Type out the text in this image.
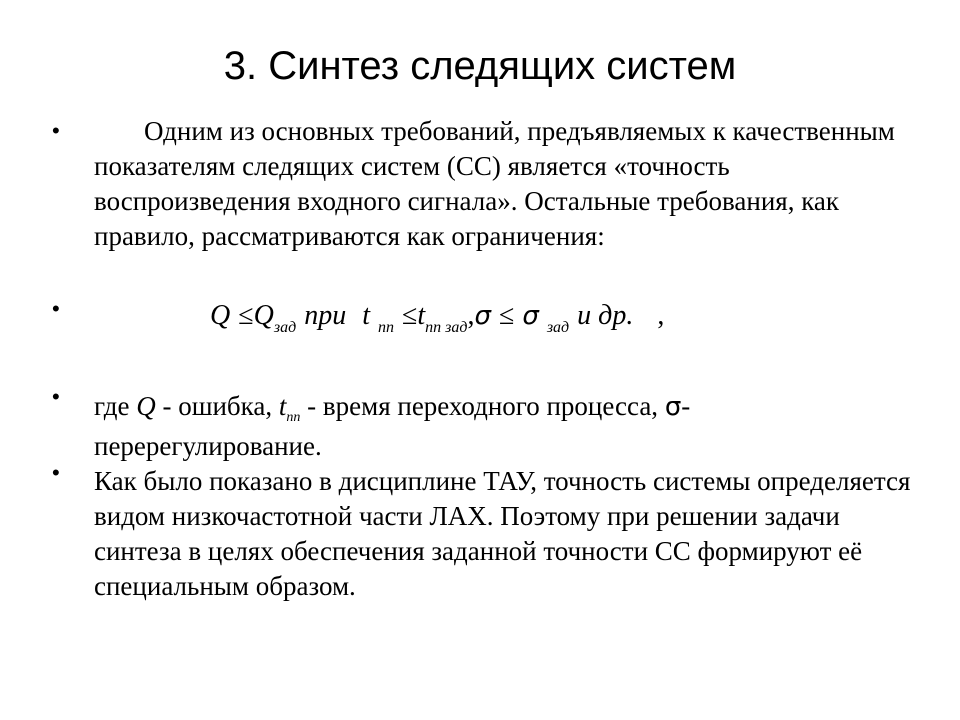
3. Синтез следящих систем
•	Одним из основных требований, предъявляемых к качественным показателям следящих систем (СС) является «точность воспроизведения входного сигнала». Остальные требования, как правило, рассматриваются как ограничения:

•	$Q \le Q_{зад}$ при t $_{пп} \le t_{пп зад},\sigma \le \sigma$ $_{зад}$ и др. ,
• где Q - ошибка, $t_{пп}$ - время переходного процесса, σ- перерегулирование.

• Как было показано в дисциплине ТАУ, точность системы определяется видом низкочастотной части ЛАХ. Поэтому при решении задачи синтеза в целях обеспечения заданной точности СС формируют её специальным образом.
